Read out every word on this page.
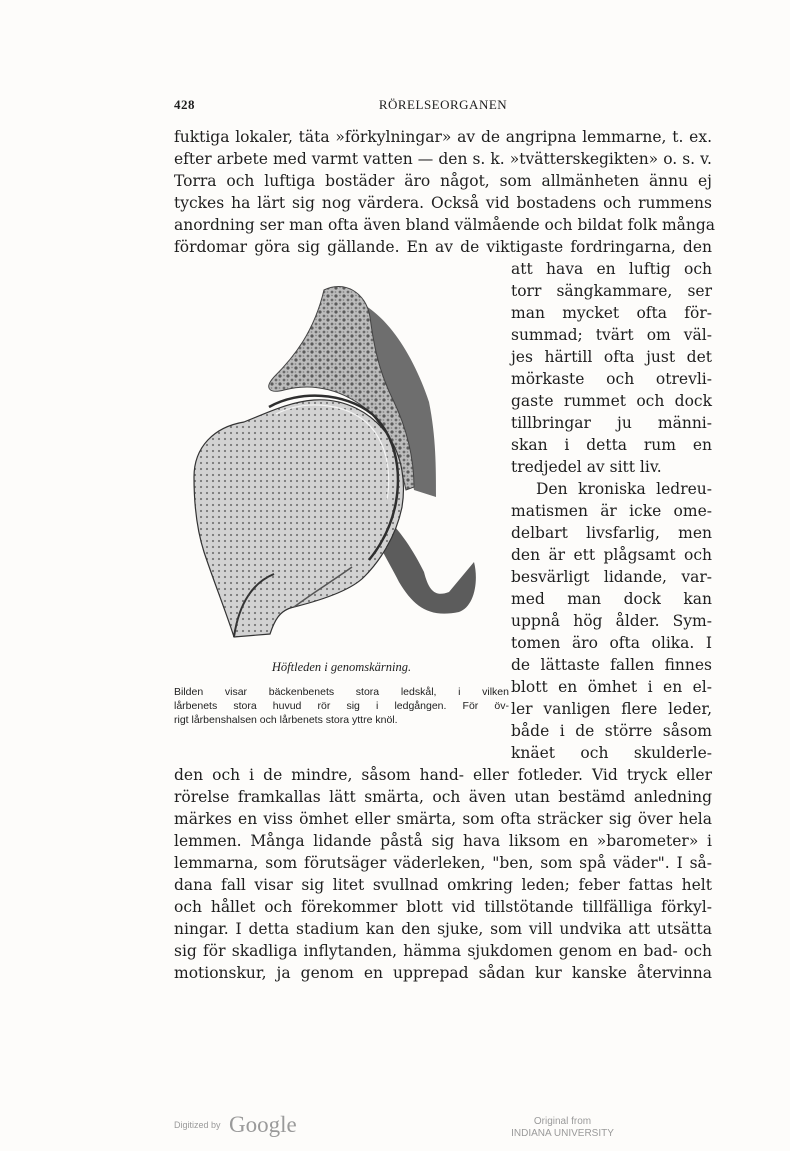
428	RÖRELSEORGANEN
fuktiga lokaler, täta »förkylningar» av de angripna lemmarne, t. ex.
efter arbete med varmt vatten — den s. k. »tvätterskegikten» o. s. v.
Torra och luftiga bostäder äro något, som allmänheten ännu ej
tyckes ha lärt sig nog värdera. Också vid bostadens och rummens
anordning ser man ofta även bland välmående och bildat folk många
fördomar göra sig gällande. En av de viktigaste fordringarna, den
att hava en luftig och
torr sängkammare, ser
man mycket ofta för-
summad; tvärt om väl-
jes härtill ofta just det
mörkaste och otrevli-
gaste rummet och dock
tillbringar ju männi-
skan i detta rum en
tredjedel av sitt liv.
Den kroniska ledreu-
matismen är icke ome-
delbart livsfarlig, men
den är ett plågsamt och
besvärligt lidande, var-
med man dock kan
uppnå hög ålder. Sym-
tomen äro ofta olika. I
de lättaste fallen finnes
blott en ömhet i en el-
ler vanligen flere leder,
både i de större såsom
knäet och skulderle-
Höftleden i genomskärning.
Bilden visar bäckenbenets stora ledskål, i vilken
lårbenets stora huvud rör sig i ledgången. För öv-
rigt lårbenshalsen och lårbenets stora yttre knöl.
den och i de mindre, såsom hand- eller fotleder. Vid tryck eller
rörelse framkallas lätt smärta, och även utan bestämd anledning
märkes en viss ömhet eller smärta, som ofta sträcker sig över hela
lemmen. Många lidande påstå sig hava liksom en »barometer» i
lemmarna, som förutsäger väderleken, "ben, som spå väder". I så-
dana fall visar sig litet svullnad omkring leden; feber fattas helt
och hållet och förekommer blott vid tillstötande tillfälliga förkyl-
ningar. I detta stadium kan den sjuke, som vill undvika att utsätta
sig för skadliga inflytanden, hämma sjukdomen genom en bad- och
motionskur, ja genom en upprepad sådan kur kanske återvinna
Digitized by Google	Original from
INDIANA UNIVERSITY
